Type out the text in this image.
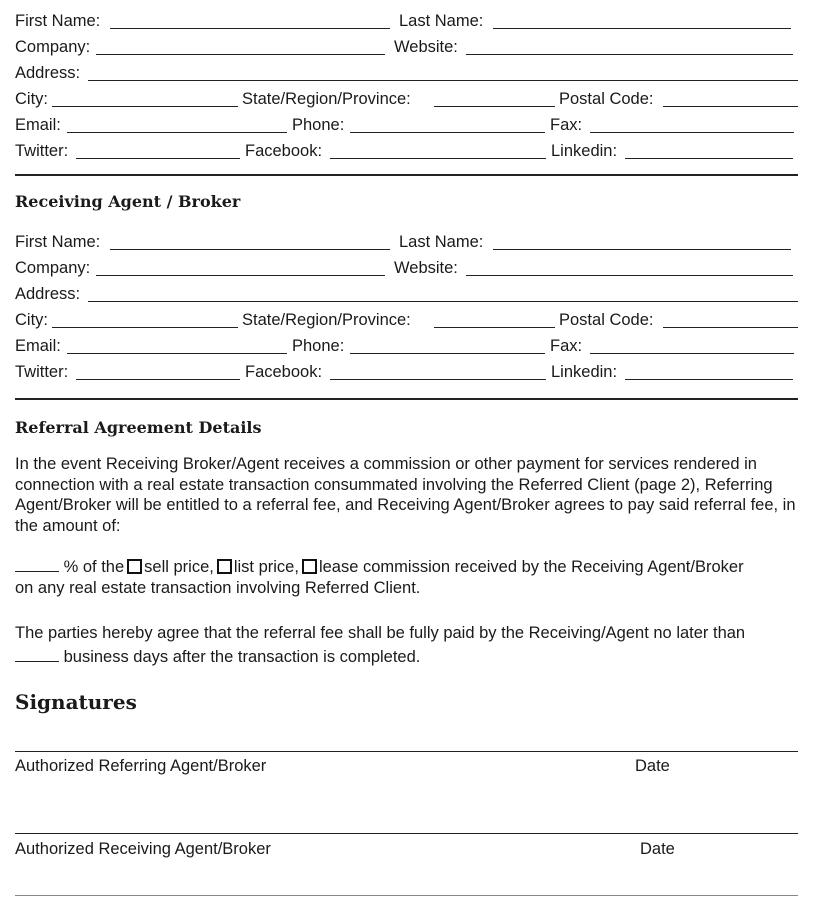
First Name:	Last Name:
Company:	Website:
Address:
City:	State/Region/Province:	Postal Code:
Email:	Phone:	Fax:
Twitter:	Facebook:	Linkedin:
Receiving Agent / Broker
First Name:	Last Name:
Company:	Website:
Address:
City:	State/Region/Province:	Postal Code:
Email:	Phone:	Fax:
Twitter:	Facebook:	Linkedin:
Referral Agreement Details
In the event Receiving Broker/Agent receives a commission or other payment for services rendered in connection with a real estate transaction consummated involving the Referred Client (page 2), Referring Agent/Broker will be entitled to a referral fee, and Receiving Agent/Broker agrees to pay said referral fee, in the amount of:
% of the sell price, list price, lease commission received by the Receiving Agent/Broker
on any real estate transaction involving Referred Client.
The parties hereby agree that the referral fee shall be fully paid by the Receiving/Agent no later than
business days after the transaction is completed.
Signatures
Authorized Referring Agent/Broker	Date
Authorized Receiving Agent/Broker	Date
